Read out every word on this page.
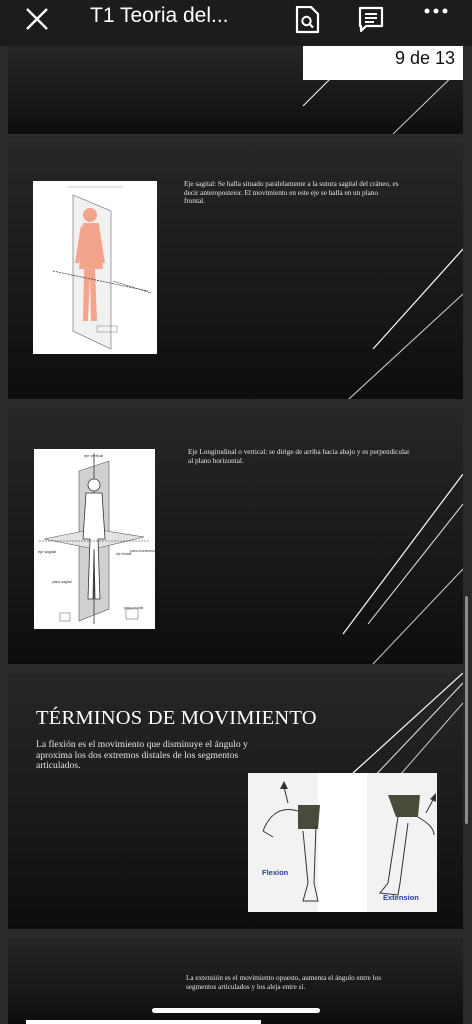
T1 Teoria del...
9 de 13
Eje sagital: Se halla situado paralelamente a la sutura sagital del cráneo, es decir anteroposteior. El movimiento en este eje se halla en un plano frontal.
eje vertical
eje sagital	eje frontal
plano transverso
plano sagital
plano frontal
Eje Longitudinal o vertical: se dirige de arriba hacia abajo y es perpendicular al plano horizontal.
TÉRMINOS DE MOVIMIENTO
La flexión es el movimiento que disminuye el ángulo y aproxima los dos extremos distales de los segmentos articulados.
Flexion
Extension
La extensión es el movimiento opuesto, aumenta el ángulo entre los segmentos articulados y los aleja entre sí.
